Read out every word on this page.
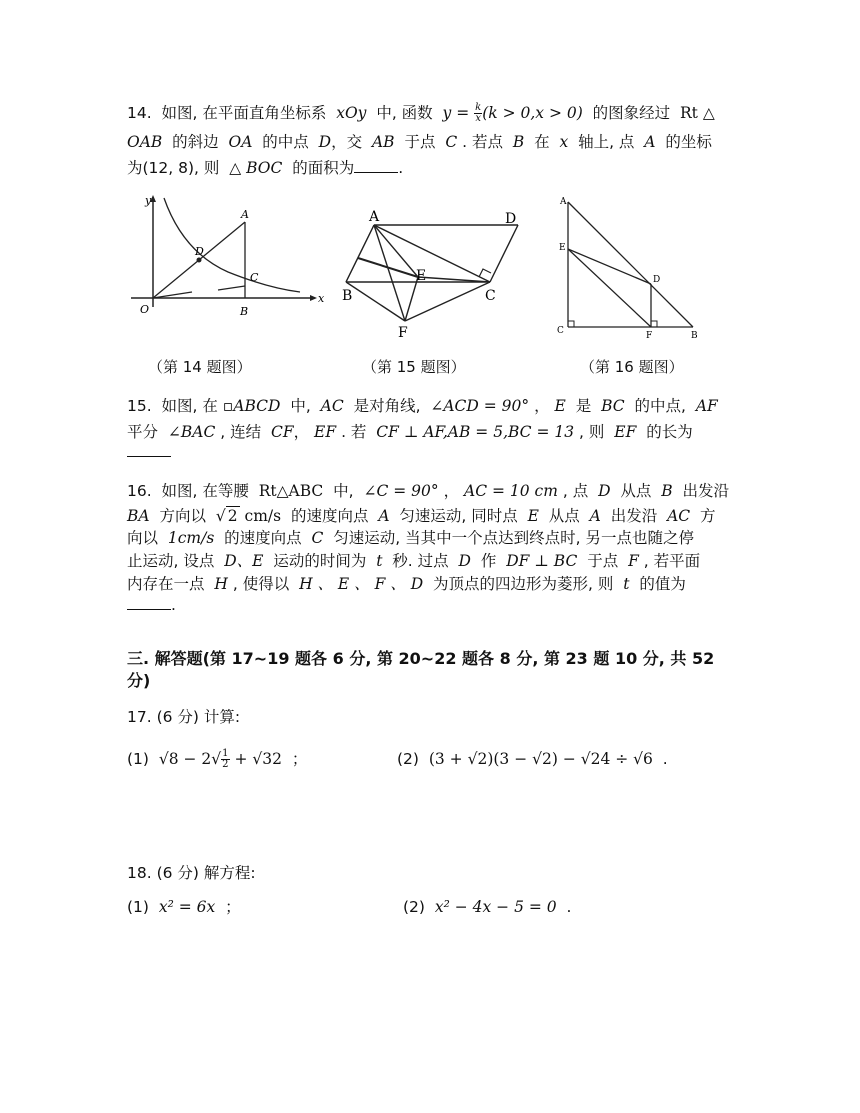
14. 如图, 在平面直角坐标系 xOy 中, 函数 $y = \frac{k}{x} (k > 0,x > 0)$ 的图象经过 Rt △
OAB 的斜边 OA 的中点 D，交 AB 于点 C . 若点 B 在 x 轴上, 点 A 的坐标
为(12, 8), 则 △ BOC 的面积为	.
y
x
A
D
C
O	B
A	D
E
B	C
F
A
E
D
C	F	B
（第 14 题图）	（第 15 题图）	（第 16 题图）
15. 如图, 在 ▫ABCD 中, AC 是对角线, ∠ACD = 90° ， E 是 BC 的中点, AF
平分 ∠BAC , 连结 CF， EF . 若 CF ⊥ AF,AB = 5,BC = 13 , 则 EF 的长为
16. 如图, 在等腰 Rt△ABC 中, ∠C = 90° ， AC = 10 cm , 点 D 从点 B 出发沿
BA 方向以 √ 2 cm/s 的速度向点 A 匀速运动, 同时点 E 从点 A 出发沿 AC 方
向以 1cm/s 的速度向点 C 匀速运动, 当其中一个点达到终点时, 另一点也随之停
止运动, 设点 D、E 运动的时间为 t 秒. 过点 D 作 DF ⊥ BC 于点 F , 若平面
内存在一点 H , 使得以 H 、 E 、 F 、 D 为顶点的四边形为菱形, 则 t 的值为
.
三. 解答题(第 17~19 题各 6 分, 第 20~22 题各 8 分, 第 23 题 10 分, 共 52
分)
17. (6 分) 计算:
(1) $√8 - 2√ \frac{1}{2} + √32$ ；	(2) (3 + √2)(3 − √2) − √24 ÷ √6 .
18. (6 分) 解方程:
(1) x² = 6x ；	(2) x² − 4x − 5 = 0 .
